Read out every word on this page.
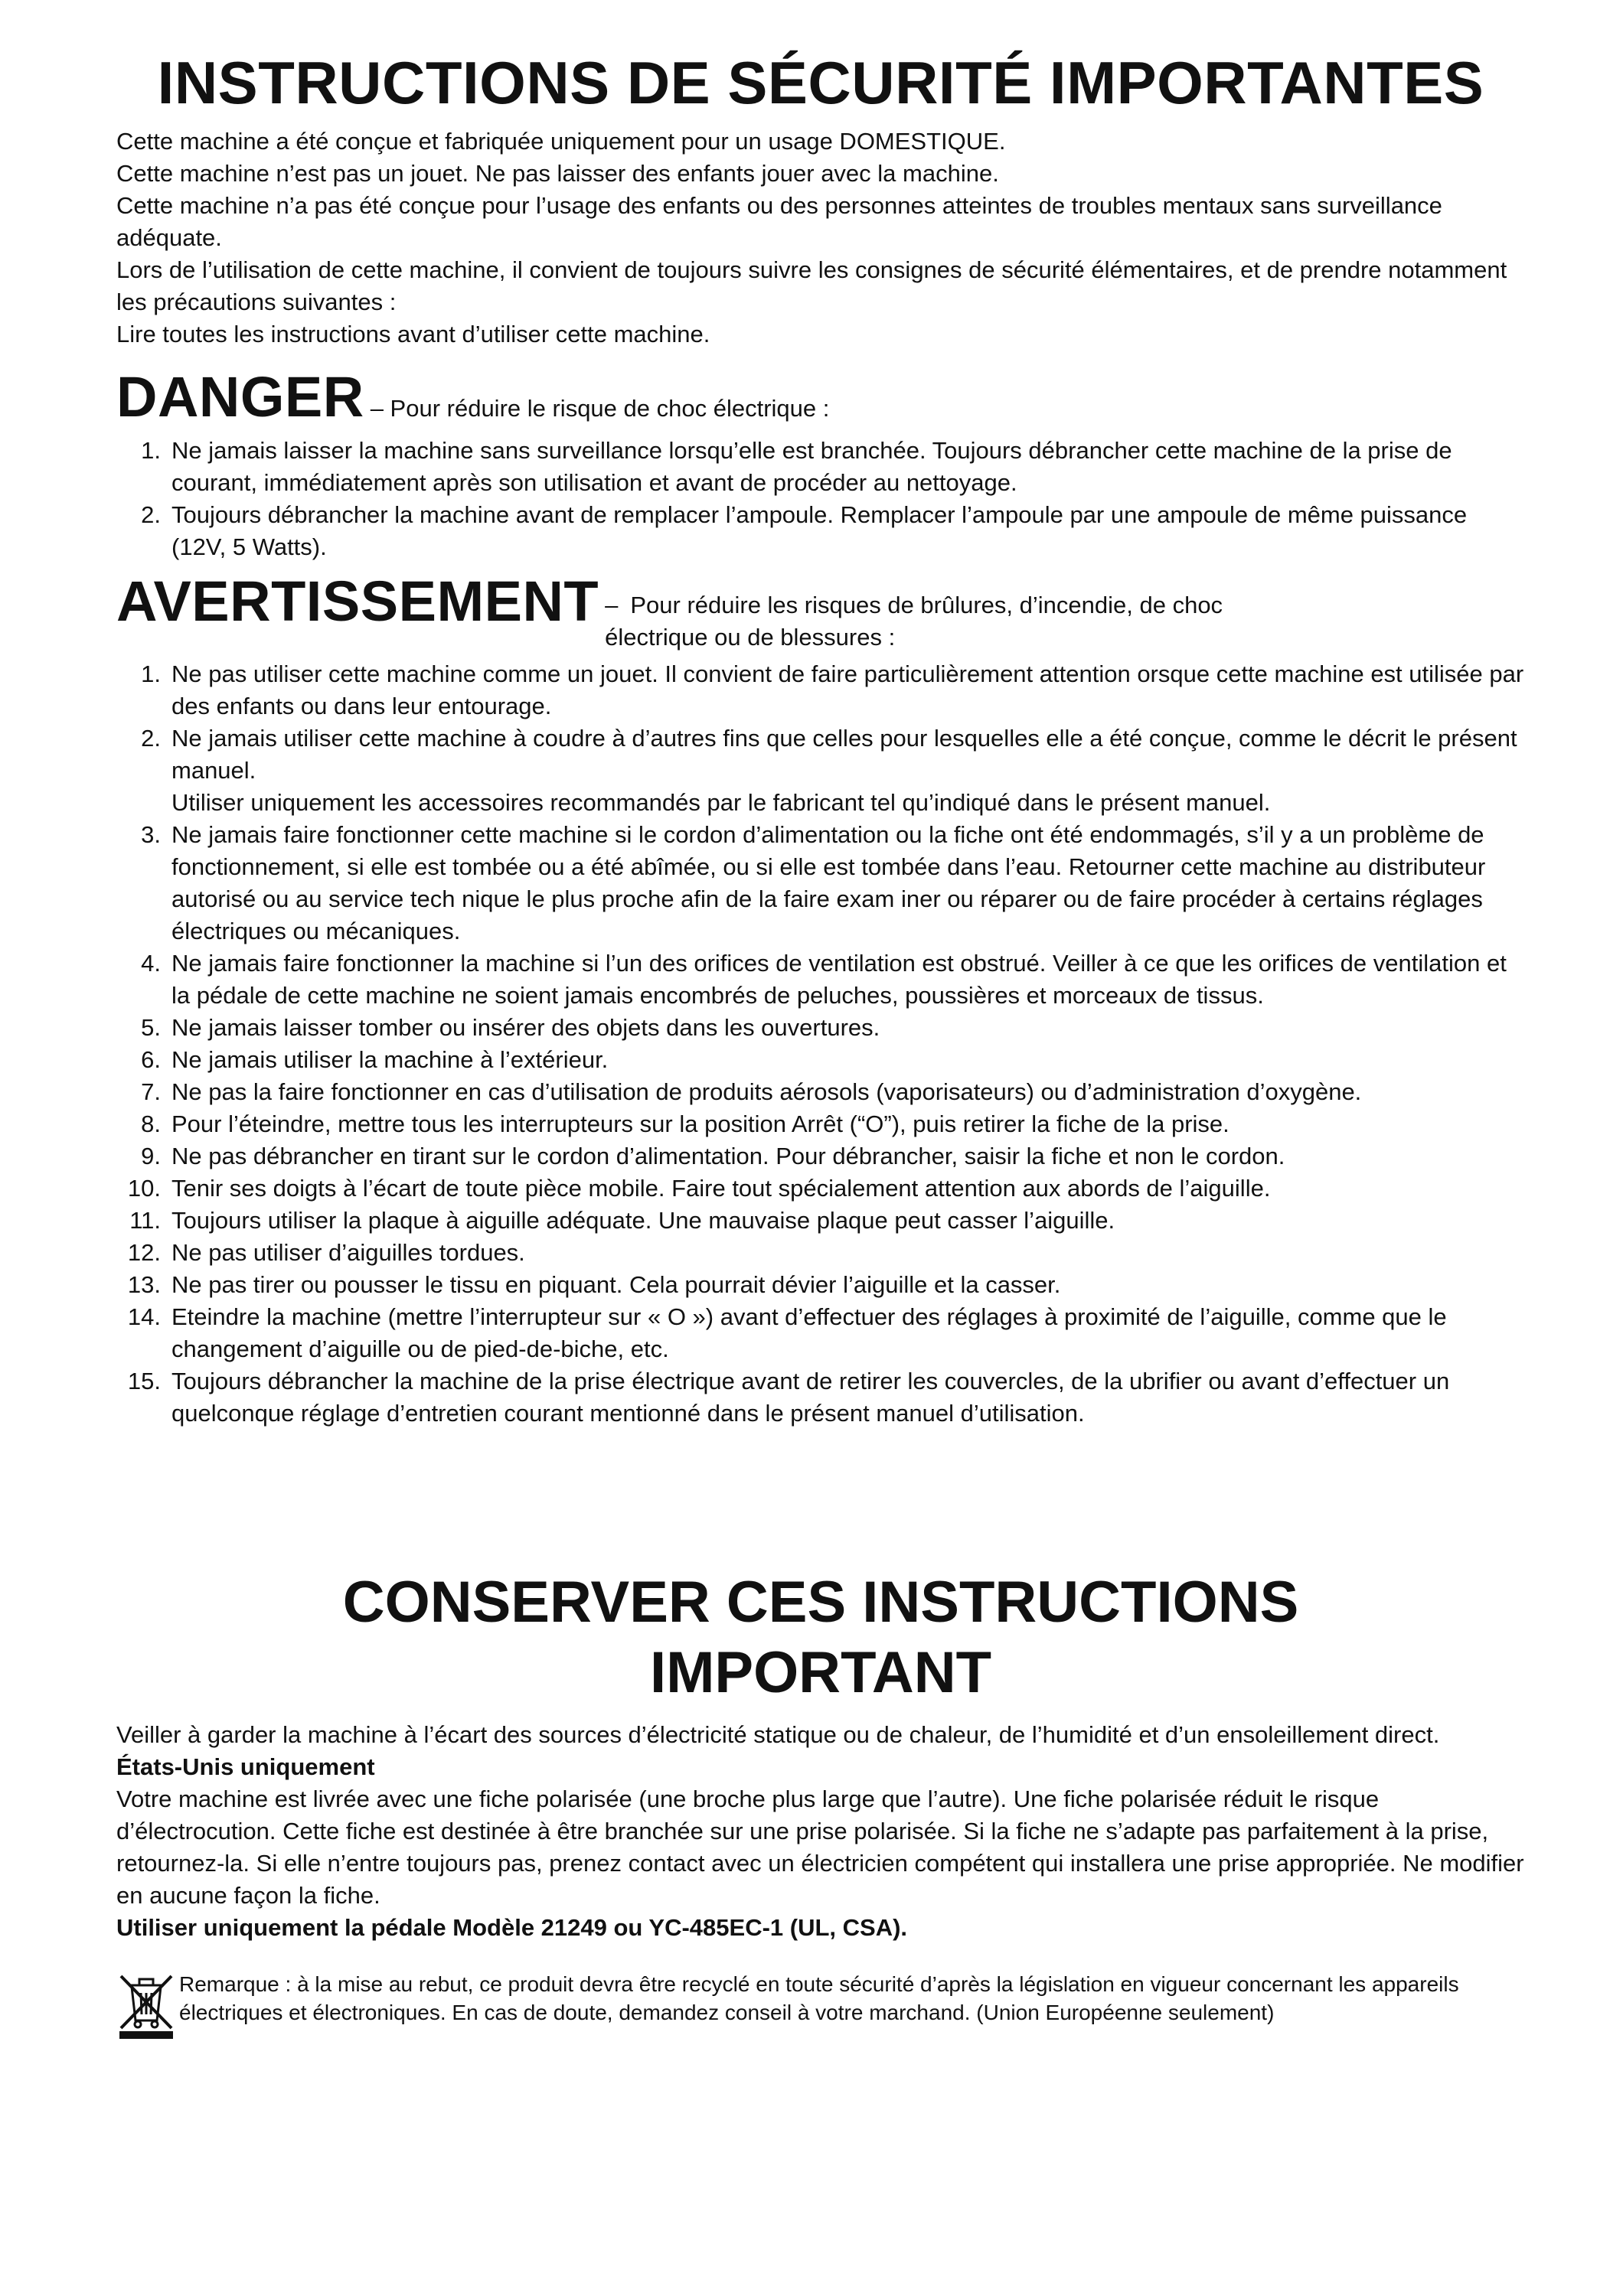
INSTRUCTIONS DE SÉCURITÉ IMPORTANTES

Cette machine a été conçue et fabriquée uniquement pour un usage DOMESTIQUE.

Cette machine n’est pas un jouet. Ne pas laisser des enfants jouer avec la machine.

Cette machine n’a pas été conçue pour l’usage des enfants ou des personnes atteintes de troubles mentaux sans surveillance adéquate.

Lors de l’utilisation de cette machine, il convient de toujours suivre les consignes de sécurité élémentaires, et de prendre notamment les précautions suivantes :

Lire toutes les instructions avant d’utiliser cette machine.

DANGER – Pour réduire le risque de choc électrique :
1. Ne jamais laisser la machine sans surveillance lorsqu’elle est branchée. Toujours débrancher cette machine de la prise de courant, immédiatement après son utilisation et avant de procéder au nettoyage.
2. Toujours débrancher la machine avant de remplacer l’ampoule. Remplacer l’ampoule par une ampoule de même puissance (12V, 5 Watts).
AVERTISSEMENT – Pour réduire les risques de brûlures, d’incendie, de choc électrique ou de blessures :
1. Ne pas utiliser cette machine comme un jouet. Il convient de faire particulièrement attention orsque cette machine est utilisée par des enfants ou dans leur entourage.
2. Ne jamais utiliser cette machine à coudre à d’autres fins que celles pour lesquelles elle a été conçue, comme le décrit le présent manuel.
Utiliser uniquement les accessoires recommandés par le fabricant tel qu’indiqué dans le présent manuel.
3. Ne jamais faire fonctionner cette machine si le cordon d’alimentation ou la fiche ont été endommagés, s’il y a un problème de fonctionnement, si elle est tombée ou a été abîmée, ou si elle est tombée dans l’eau. Retourner cette machine au distributeur autorisé ou au service tech nique le plus proche afin de la faire exam iner ou réparer ou de faire procéder à certains réglages électriques ou mécaniques.
4. Ne jamais faire fonctionner la machine si l’un des orifices de ventilation est obstrué. Veiller à ce que les orifices de ventilation et la pédale de cette machine ne soient jamais encombrés de peluches, poussières et morceaux de tissus.
5. Ne jamais laisser tomber ou insérer des objets dans les ouvertures.
6. Ne jamais utiliser la machine à l’extérieur.
7. Ne pas la faire fonctionner en cas d’utilisation de produits aérosols (vaporisateurs) ou d’administration d’oxygène.
8. Pour l’éteindre, mettre tous les interrupteurs sur la position Arrêt (“O”), puis retirer la fiche de la prise.
9. Ne pas débrancher en tirant sur le cordon d’alimentation. Pour débrancher, saisir la fiche et non le cordon.
10. Tenir ses doigts à l’écart de toute pièce mobile. Faire tout spécialement attention aux abords de l’aiguille.
11. Toujours utiliser la plaque à aiguille adéquate. Une mauvaise plaque peut casser l’aiguille.
12. Ne pas utiliser d’aiguilles tordues.
13. Ne pas tirer ou pousser le tissu en piquant. Cela pourrait dévier l’aiguille et la casser.
14. Eteindre la machine (mettre l’interrupteur sur « O ») avant d’effectuer des réglages à proximité de l’aiguille, comme que le changement d’aiguille ou de pied-de-biche, etc.
15. Toujours débrancher la machine de la prise électrique avant de retirer les couvercles, de la ubrifier ou avant d’effectuer un quelconque réglage d’entretien courant mentionné dans le présent manuel d’utilisation.
CONSERVER CES INSTRUCTIONS
IMPORTANT

Veiller à garder la machine à l’écart des sources d’électricité statique ou de chaleur, de l’humidité et d’un ensoleillement direct.

États-Unis uniquement

Votre machine est livrée avec une fiche polarisée (une broche plus large que l’autre). Une fiche polarisée réduit le risque d’électrocution. Cette fiche est destinée à être branchée sur une prise polarisée. Si la fiche ne s’adapte pas parfaitement à la prise, retournez-la. Si elle n’entre toujours pas, prenez contact avec un électricien compétent qui installera une prise appropriée. Ne modifier en aucune façon la fiche.

Utiliser uniquement la pédale Modèle 21249 ou YC-485EC-1 (UL, CSA).

Remarque : à la mise au rebut, ce produit devra être recyclé en toute sécurité d’après la législation en vigueur concernant les appareils électriques et électroniques. En cas de doute, demandez conseil à votre marchand. (Union Européenne seulement)
